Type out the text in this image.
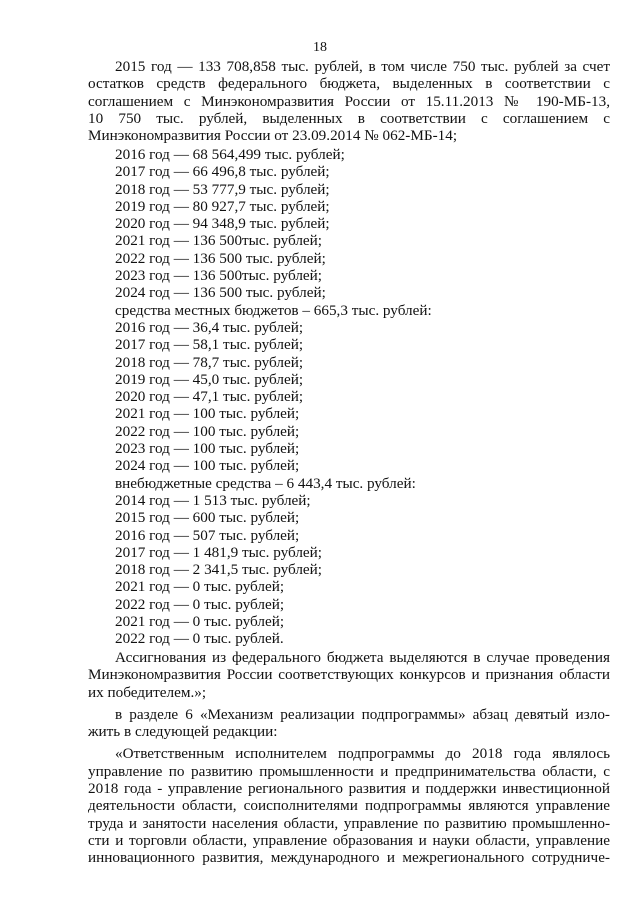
18
2015 год — 133 708,858 тыс. рублей, в том числе 750 тыс. рублей за счет
остатков средств федерального бюджета, выделенных в соответствии с
соглашением с Минэкономразвития России от 15.11.2013 № 190-МБ-13,
10 750 тыс. рублей, выделенных в соответствии с соглашением с
Минэкономразвития России от 23.09.2014 № 062-МБ-14;
2016 год — 68 564,499 тыс. рублей;
2017 год — 66 496,8 тыс. рублей;
2018 год — 53 777,9 тыс. рублей;
2019 год — 80 927,7 тыс. рублей;
2020 год — 94 348,9 тыс. рублей;
2021 год — 136 500тыс. рублей;
2022 год — 136 500 тыс. рублей;
2023 год — 136 500тыс. рублей;
2024 год — 136 500 тыс. рублей;
средства местных бюджетов – 665,3 тыс. рублей:
2016 год — 36,4 тыс. рублей;
2017 год — 58,1 тыс. рублей;
2018 год — 78,7 тыс. рублей;
2019 год — 45,0 тыс. рублей;
2020 год — 47,1 тыс. рублей;
2021 год — 100 тыс. рублей;
2022 год — 100 тыс. рублей;
2023 год — 100 тыс. рублей;
2024 год — 100 тыс. рублей;
внебюджетные средства – 6 443,4 тыс. рублей:
2014 год — 1 513 тыс. рублей;
2015 год — 600 тыс. рублей;
2016 год — 507 тыс. рублей;
2017 год — 1 481,9 тыс. рублей;
2018 год — 2 341,5 тыс. рублей;
2021 год — 0 тыс. рублей;
2022 год — 0 тыс. рублей;
2021 год — 0 тыс. рублей;
2022 год — 0 тыс. рублей.
Ассигнования из федерального бюджета выделяются в случае проведения
Минэкономразвития России соответствующих конкурсов и признания области
их победителем.»;
в разделе 6 «Механизм реализации подпрограммы» абзац девятый изло-
жить в следующей редакции:
«Ответственным исполнителем подпрограммы до 2018 года являлось
управление по развитию промышленности и предпринимательства области, с
2018 года - управление регионального развития и поддержки инвестиционной
деятельности области, соисполнителями подпрограммы являются управление
труда и занятости населения области, управление по развитию промышленно-
сти и торговли области, управление образования и науки области, управление
инновационного развития, международного и межрегионального сотрудниче-
